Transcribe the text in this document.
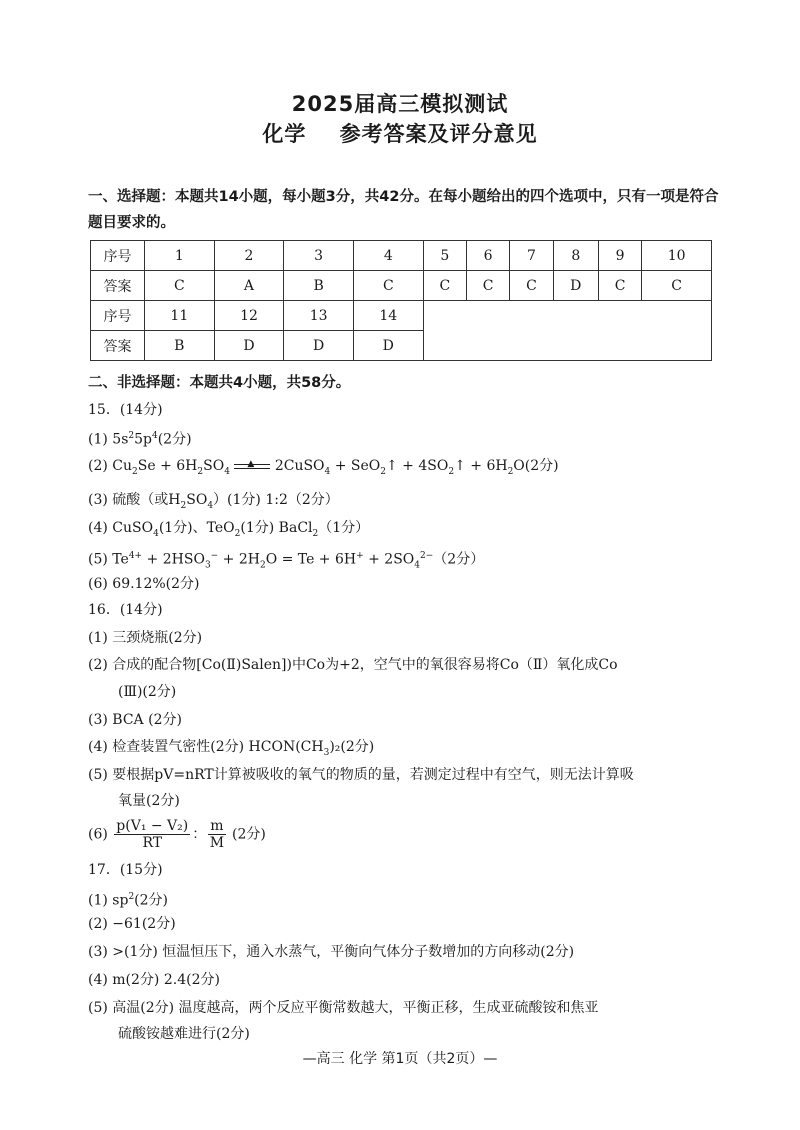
2025届高三模拟测试
化学    参考答案及评分意见
一、选择题：本题共14小题，每小题3分，共42分。在每小题给出的四个选项中，只有一项是符合题目要求的。
序号	1	2	3	4	5	6	7	8	9	10
答案	C	A	B	C	C	C	C	D	C	C
序号	11	12	13	14						
答案	B	D	D	D						
二、非选择题：本题共4小题，共58分。
15．(14分)
(1) $5s^25p^4(2$分)
(2) $Cu_2Se + 6H_2SO_4$
▲ 2CuSO$_4$ + SeO$_2$↑ + $4SO_2↑ + 6H_2O(2$分)
(3) 硫酸（或$H_2SO_4)(1$分) 1:2（2分）
(4) CuSO$_4$(1分)、TeO$_2$(1分) BaCl$_2$（1分）
(5) $Te^{4+} + 2HSO_3^- + 2H_2O = Te + 6H^+ + 2SO_4^{2-}(2$分）
(6) 69.12%(2分)
16．(14分)
(1) 三颈烧瓶(2分)
(2) 合成的配合物[Co(Ⅱ)Salen])中Co为+2，空气中的氧很容易将Co（Ⅱ）氧化成Co
(Ⅲ)(2分)
(3) BCA (2分)
(4) 检查装置气密性(2分) $HCON(CH_3)_2(2$分)
(5) 要根据pV=nRT计算被吸收的氧气的物质的量，若测定过程中有空气，则无法计算吸
氧量(2分)
$(6) \frac{\text{p(V₁ − V₂)}}{RT}$ ： $\frac{m}{M} (2$分)
17．(15分)
(1) $sp^2(2$分)
(2) −61(2分)
(3) >(1分) 恒温恒压下，通入水蒸气，平衡向气体分子数增加的方向移动(2分)
(4) m(2分) 2.4(2分)
(5) 高温(2分) 温度越高，两个反应平衡常数越大，平衡正移，生成亚硫酸铵和焦亚
硫酸铵越难进行(2分)
—高三 化学 第1页（共2页）—
